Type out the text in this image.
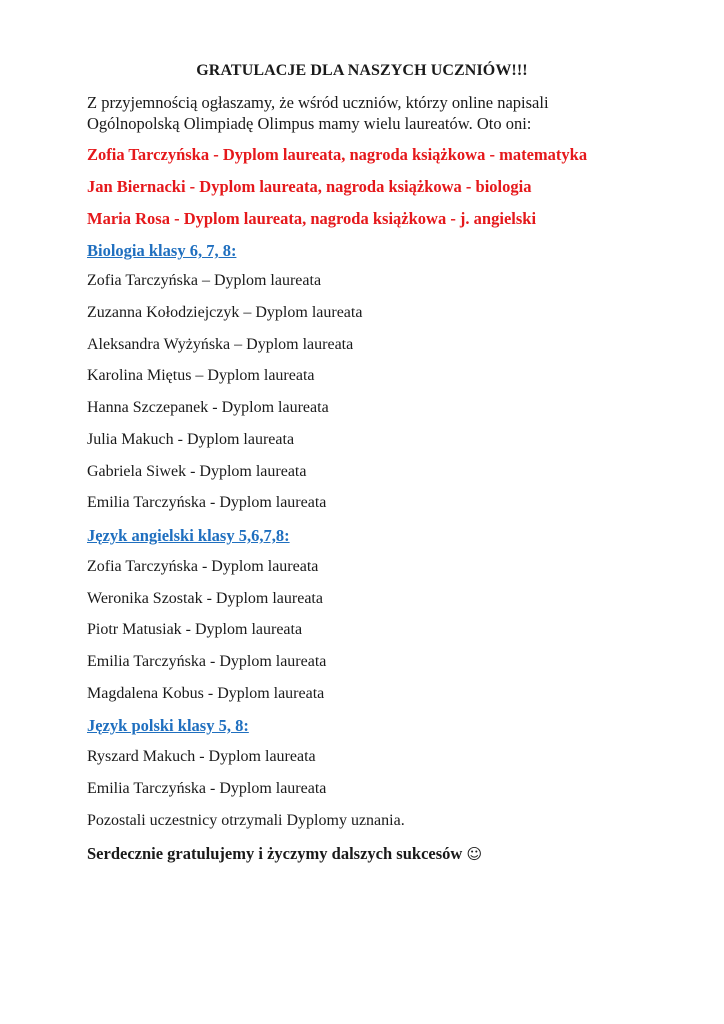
GRATULACJE DLA NASZYCH UCZNIÓW!!!
Z przyjemnością ogłaszamy, że wśród uczniów, którzy online napisali
Ogólnopolską Olimpiadę Olimpus mamy wielu laureatów. Oto oni:
Zofia Tarczyńska - Dyplom laureata, nagroda książkowa - matematyka
Jan Biernacki - Dyplom laureata, nagroda książkowa - biologia
Maria Rosa - Dyplom laureata, nagroda książkowa - j. angielski
Biologia klasy 6, 7, 8:
Zofia Tarczyńska – Dyplom laureata
Zuzanna Kołodziejczyk – Dyplom laureata
Aleksandra Wyżyńska – Dyplom laureata
Karolina Miętus – Dyplom laureata
Hanna Szczepanek - Dyplom laureata
Julia Makuch - Dyplom laureata
Gabriela Siwek - Dyplom laureata
Emilia Tarczyńska - Dyplom laureata
Język angielski klasy 5,6,7,8:
Zofia Tarczyńska - Dyplom laureata
Weronika Szostak - Dyplom laureata
Piotr Matusiak - Dyplom laureata
Emilia Tarczyńska - Dyplom laureata
Magdalena Kobus - Dyplom laureata
Język polski klasy 5, 8:
Ryszard Makuch - Dyplom laureata
Emilia Tarczyńska - Dyplom laureata
Pozostali uczestnicy otrzymali Dyplomy uznania.
Serdecznie gratulujemy i życzymy dalszych sukcesów ☺
